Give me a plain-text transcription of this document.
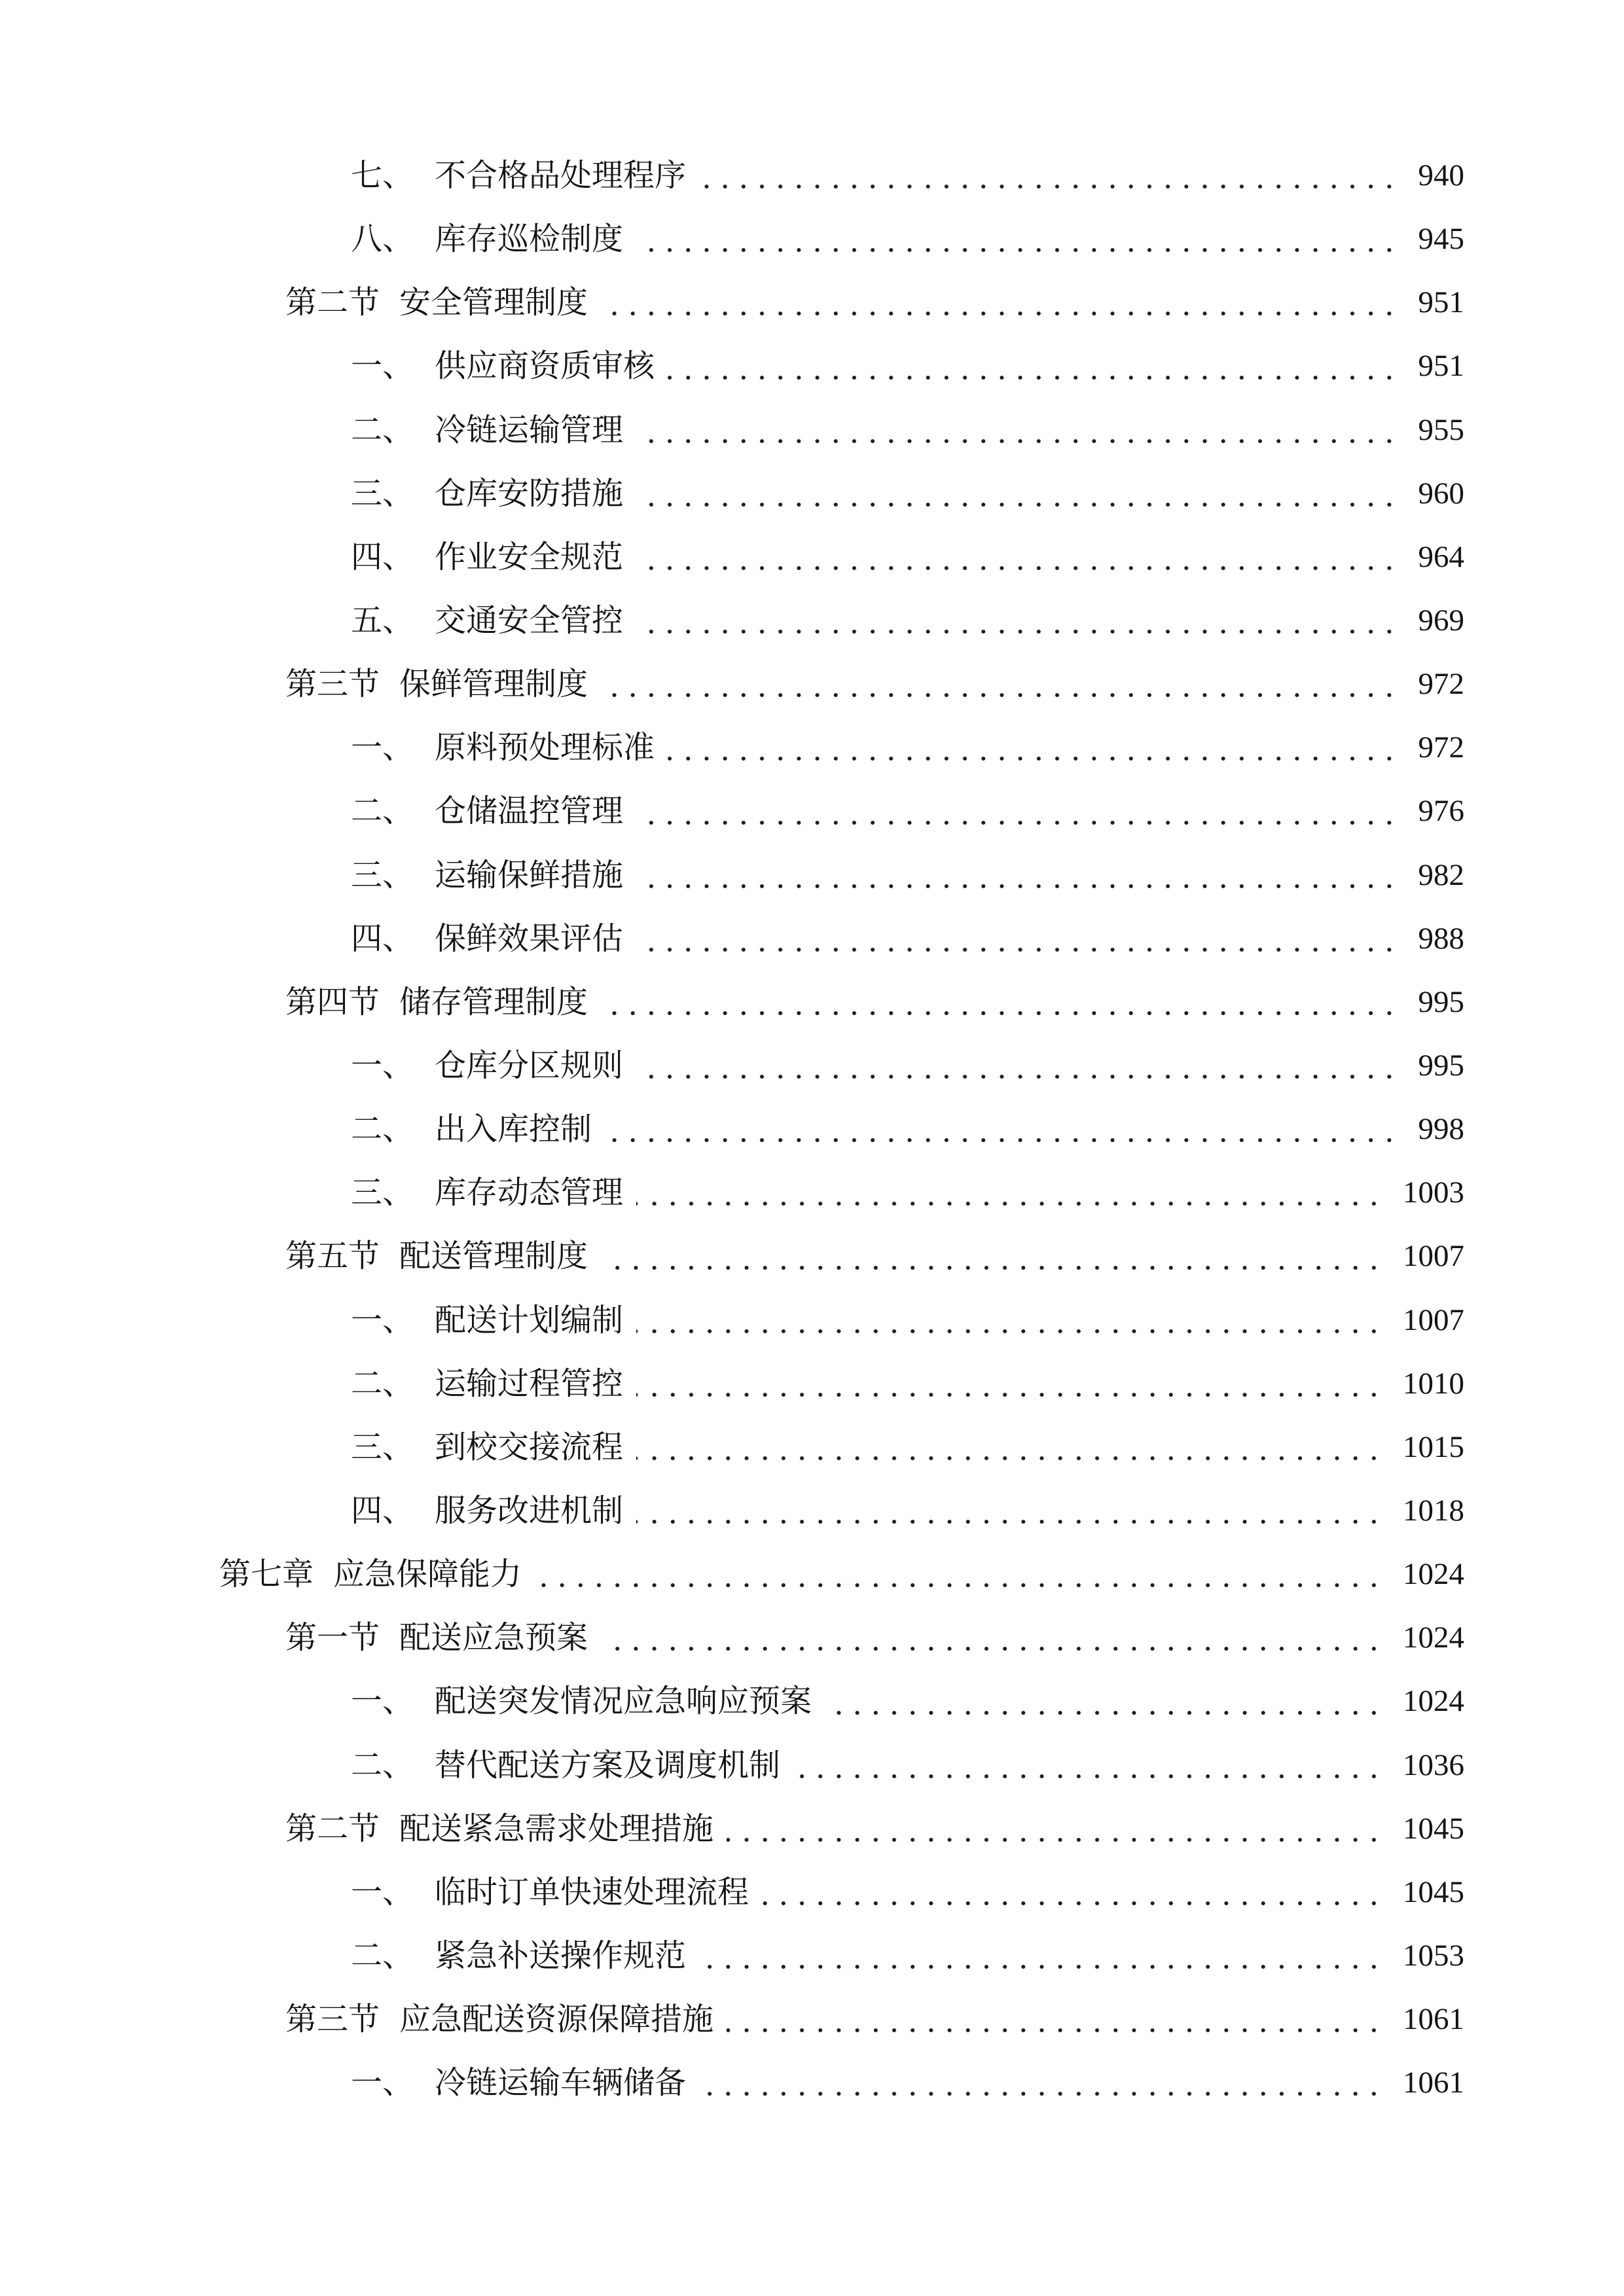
七、 不合格品处理程序	940
八、 库存巡检制度	945
第二节 安全管理制度	951
一、 供应商资质审核	951
二、 冷链运输管理	955
三、 仓库安防措施	960
四、 作业安全规范	964
五、 交通安全管控	969
第三节 保鲜管理制度	972
一、 原料预处理标准	972
二、 仓储温控管理	976
三、 运输保鲜措施	982
四、 保鲜效果评估	988
第四节 储存管理制度	995
一、 仓库分区规则	995
二、 出入库控制	998
三、 库存动态管理	1003
第五节 配送管理制度	1007
一、 配送计划编制	1007
二、 运输过程管控	1010
三、 到校交接流程	1015
四、 服务改进机制	1018
第七章 应急保障能力	1024
第一节 配送应急预案	1024
一、 配送突发情况应急响应预案	1024
二、 替代配送方案及调度机制	1036
第二节 配送紧急需求处理措施	1045
一、 临时订单快速处理流程	1045
二、 紧急补送操作规范	1053
第三节 应急配送资源保障措施	1061
一、 冷链运输车辆储备	1061
